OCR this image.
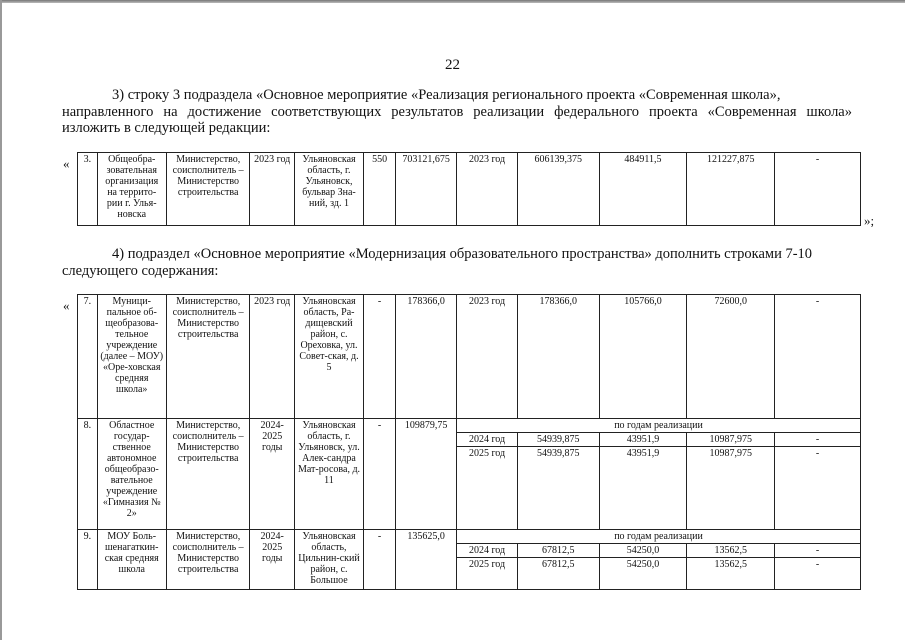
22
3) строку 3 подраздела «Основное мероприятие «Реализация регионального проекта «Современная школа»,
направленного на достижение соответствующих результатов реализации федерального проекта «Современная школа» изложить в следующей редакции:
« 3.	Общеобра-зовательная организация на террито-рии г. Улья-новска	Министерство, соисполнитель – Министерство строительства	2023 год	Ульяновская область, г. Ульяновск, бульвар Зна-ний, зд. 1	550	703121,675	2023 год	606139,375	484911,5	121227,875	-
»;
4) подраздел «Основное мероприятие «Модернизация образовательного пространства» дополнить строками 7-10
следующего содержания:
« 7.	Муници-пальное об-щеобразова-тельное учреждение (далее – МОУ) «Оре-ховская средняя школа»	Министерство, соисполнитель – Министерство строительства	2023 год	Ульяновская область, Ра-дищевский район, с. Ореховка, ул. Совет-ская, д. 5	-	178366,0	2023 год	178366,0	105766,0	72600,0	-
8.	Областное государ-ственное автономное общеобразо-вательное учреждение «Гимназия № 2»	Министерство, соисполнитель – Министерство строительства	2024-2025 годы	Ульяновская область, г. Ульяновск, ул. Алек-сандра Мат-росова, д. 11	-	109879,75	по годам реализации				
							2024 год	54939,875	43951,9	10987,975	-
							2025 год	54939,875	43951,9	10987,975	-
9.	МОУ Боль-шенагаткин-ская средняя школа	Министерство, соисполнитель – Министерство строительства	2024-2025 годы	Ульяновская область, Цильнин-ский район, с. Большое	-	135625,0	по годам реализации				
							2024 год	67812,5	54250,0	13562,5	-
							2025 год	67812,5	54250,0	13562,5	-
